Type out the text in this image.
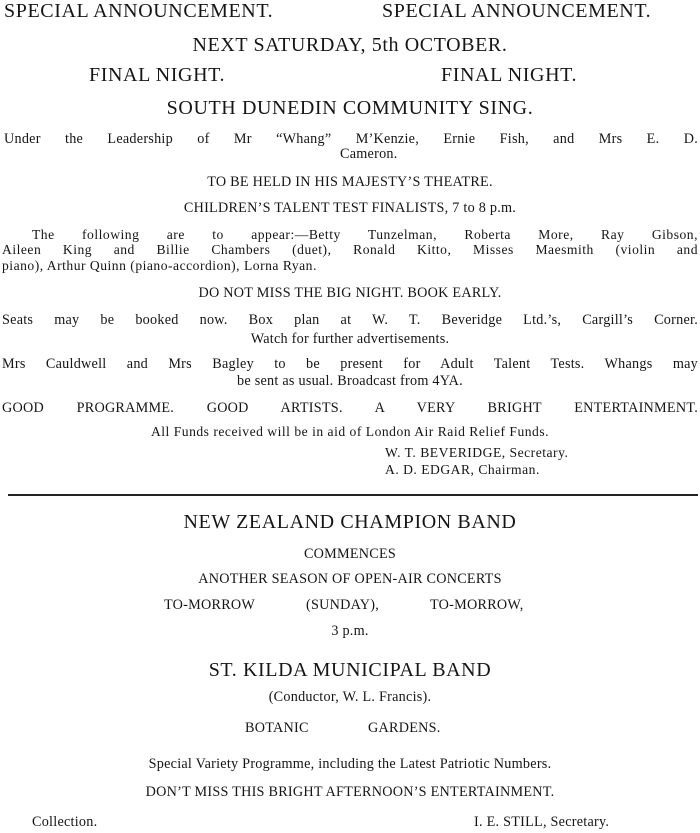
SPECIAL ANNOUNCEMENT.	SPECIAL ANNOUNCEMENT.
NEXT SATURDAY, 5th OCTOBER.
FINAL NIGHT.	FINAL NIGHT.
SOUTH DUNEDIN COMMUNITY SING.
Under the Leadership of Mr “Whang” M’Kenzie, Ernie Fish, and Mrs E. D.
Cameron.
TO BE HELD IN HIS MAJESTY’S THEATRE.
CHILDREN’S TALENT TEST FINALISTS, 7 to 8 p.m.
The following are to appear:—Betty Tunzelman, Roberta More, Ray Gibson,
Aileen King and Billie Chambers (duet), Ronald Kitto, Misses Maesmith (violin and
piano), Arthur Quinn (piano-accordion), Lorna Ryan.
DO NOT MISS THE BIG NIGHT. BOOK EARLY.
Seats may be booked now. Box plan at W. T. Beveridge Ltd.’s, Cargill’s Corner.
Watch for further advertisements.
Mrs Cauldwell and Mrs Bagley to be present for Adult Talent Tests. Whangs may
be sent as usual. Broadcast from 4YA.
GOOD PROGRAMME. GOOD ARTISTS. A VERY BRIGHT ENTERTAINMENT.
All Funds received will be in aid of London Air Raid Relief Funds.
W. T. BEVERIDGE, Secretary.
A. D. EDGAR, Chairman.
NEW ZEALAND CHAMPION BAND
COMMENCES
ANOTHER SEASON OF OPEN-AIR CONCERTS
TO-MORROW	(SUNDAY),	TO-MORROW,
3 p.m.
ST. KILDA MUNICIPAL BAND
(Conductor, W. L. Francis).
BOTANIC	GARDENS.
Special Variety Programme, including the Latest Patriotic Numbers.
DON’T MISS THIS BRIGHT AFTERNOON’S ENTERTAINMENT.
Collection.	I. E. STILL, Secretary.
